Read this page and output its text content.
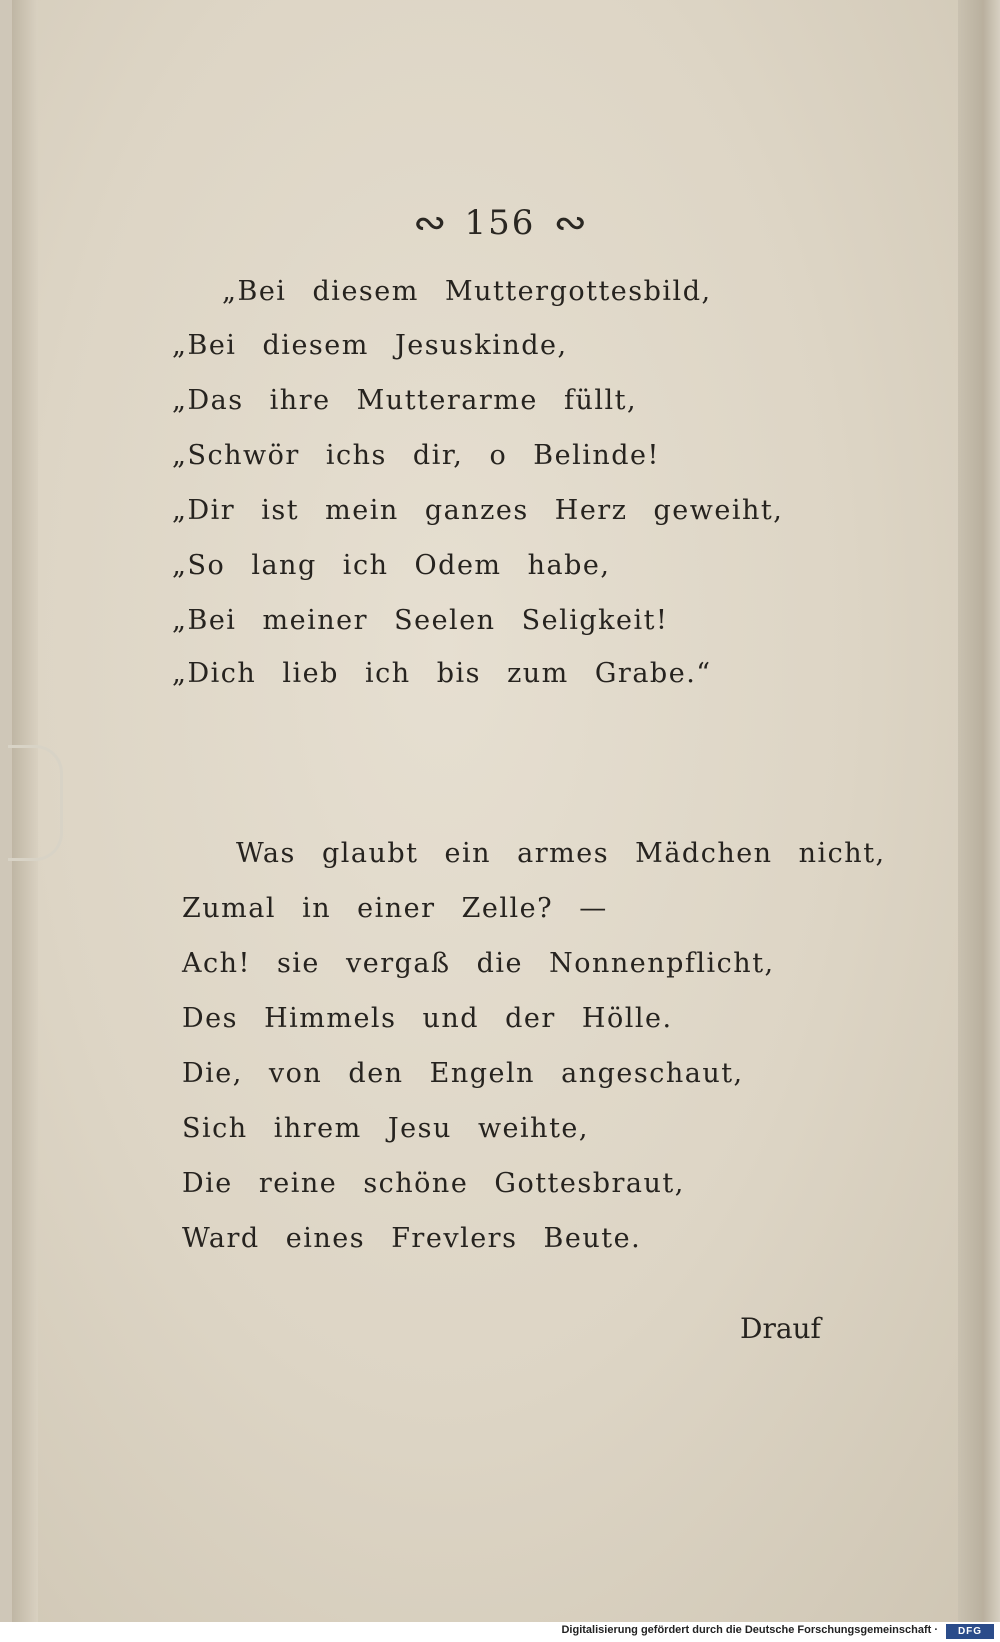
∾ 156 ∾
„Bei diesem Muttergottesbild,
„Bei diesem Jesuskinde,
„Das ihre Mutterarme füllt,
„Schwör ichs dir, o Belinde!
„Dir ist mein ganzes Herz geweiht,
„So lang ich Odem habe,
„Bei meiner Seelen Seligkeit!
„Dich lieb ich bis zum Grabe.“
Was glaubt ein armes Mädchen nicht,
Zumal in einer Zelle? —
Ach! sie vergaß die Nonnenpflicht,
Des Himmels und der Hölle.
Die, von den Engeln angeschaut,
Sich ihrem Jesu weihte,
Die reine schöne Gottesbraut,
Ward eines Frevlers Beute.
Drauf
Digitalisierung gefördert durch die Deutsche Forschungsgemeinschaft ·	DFG
